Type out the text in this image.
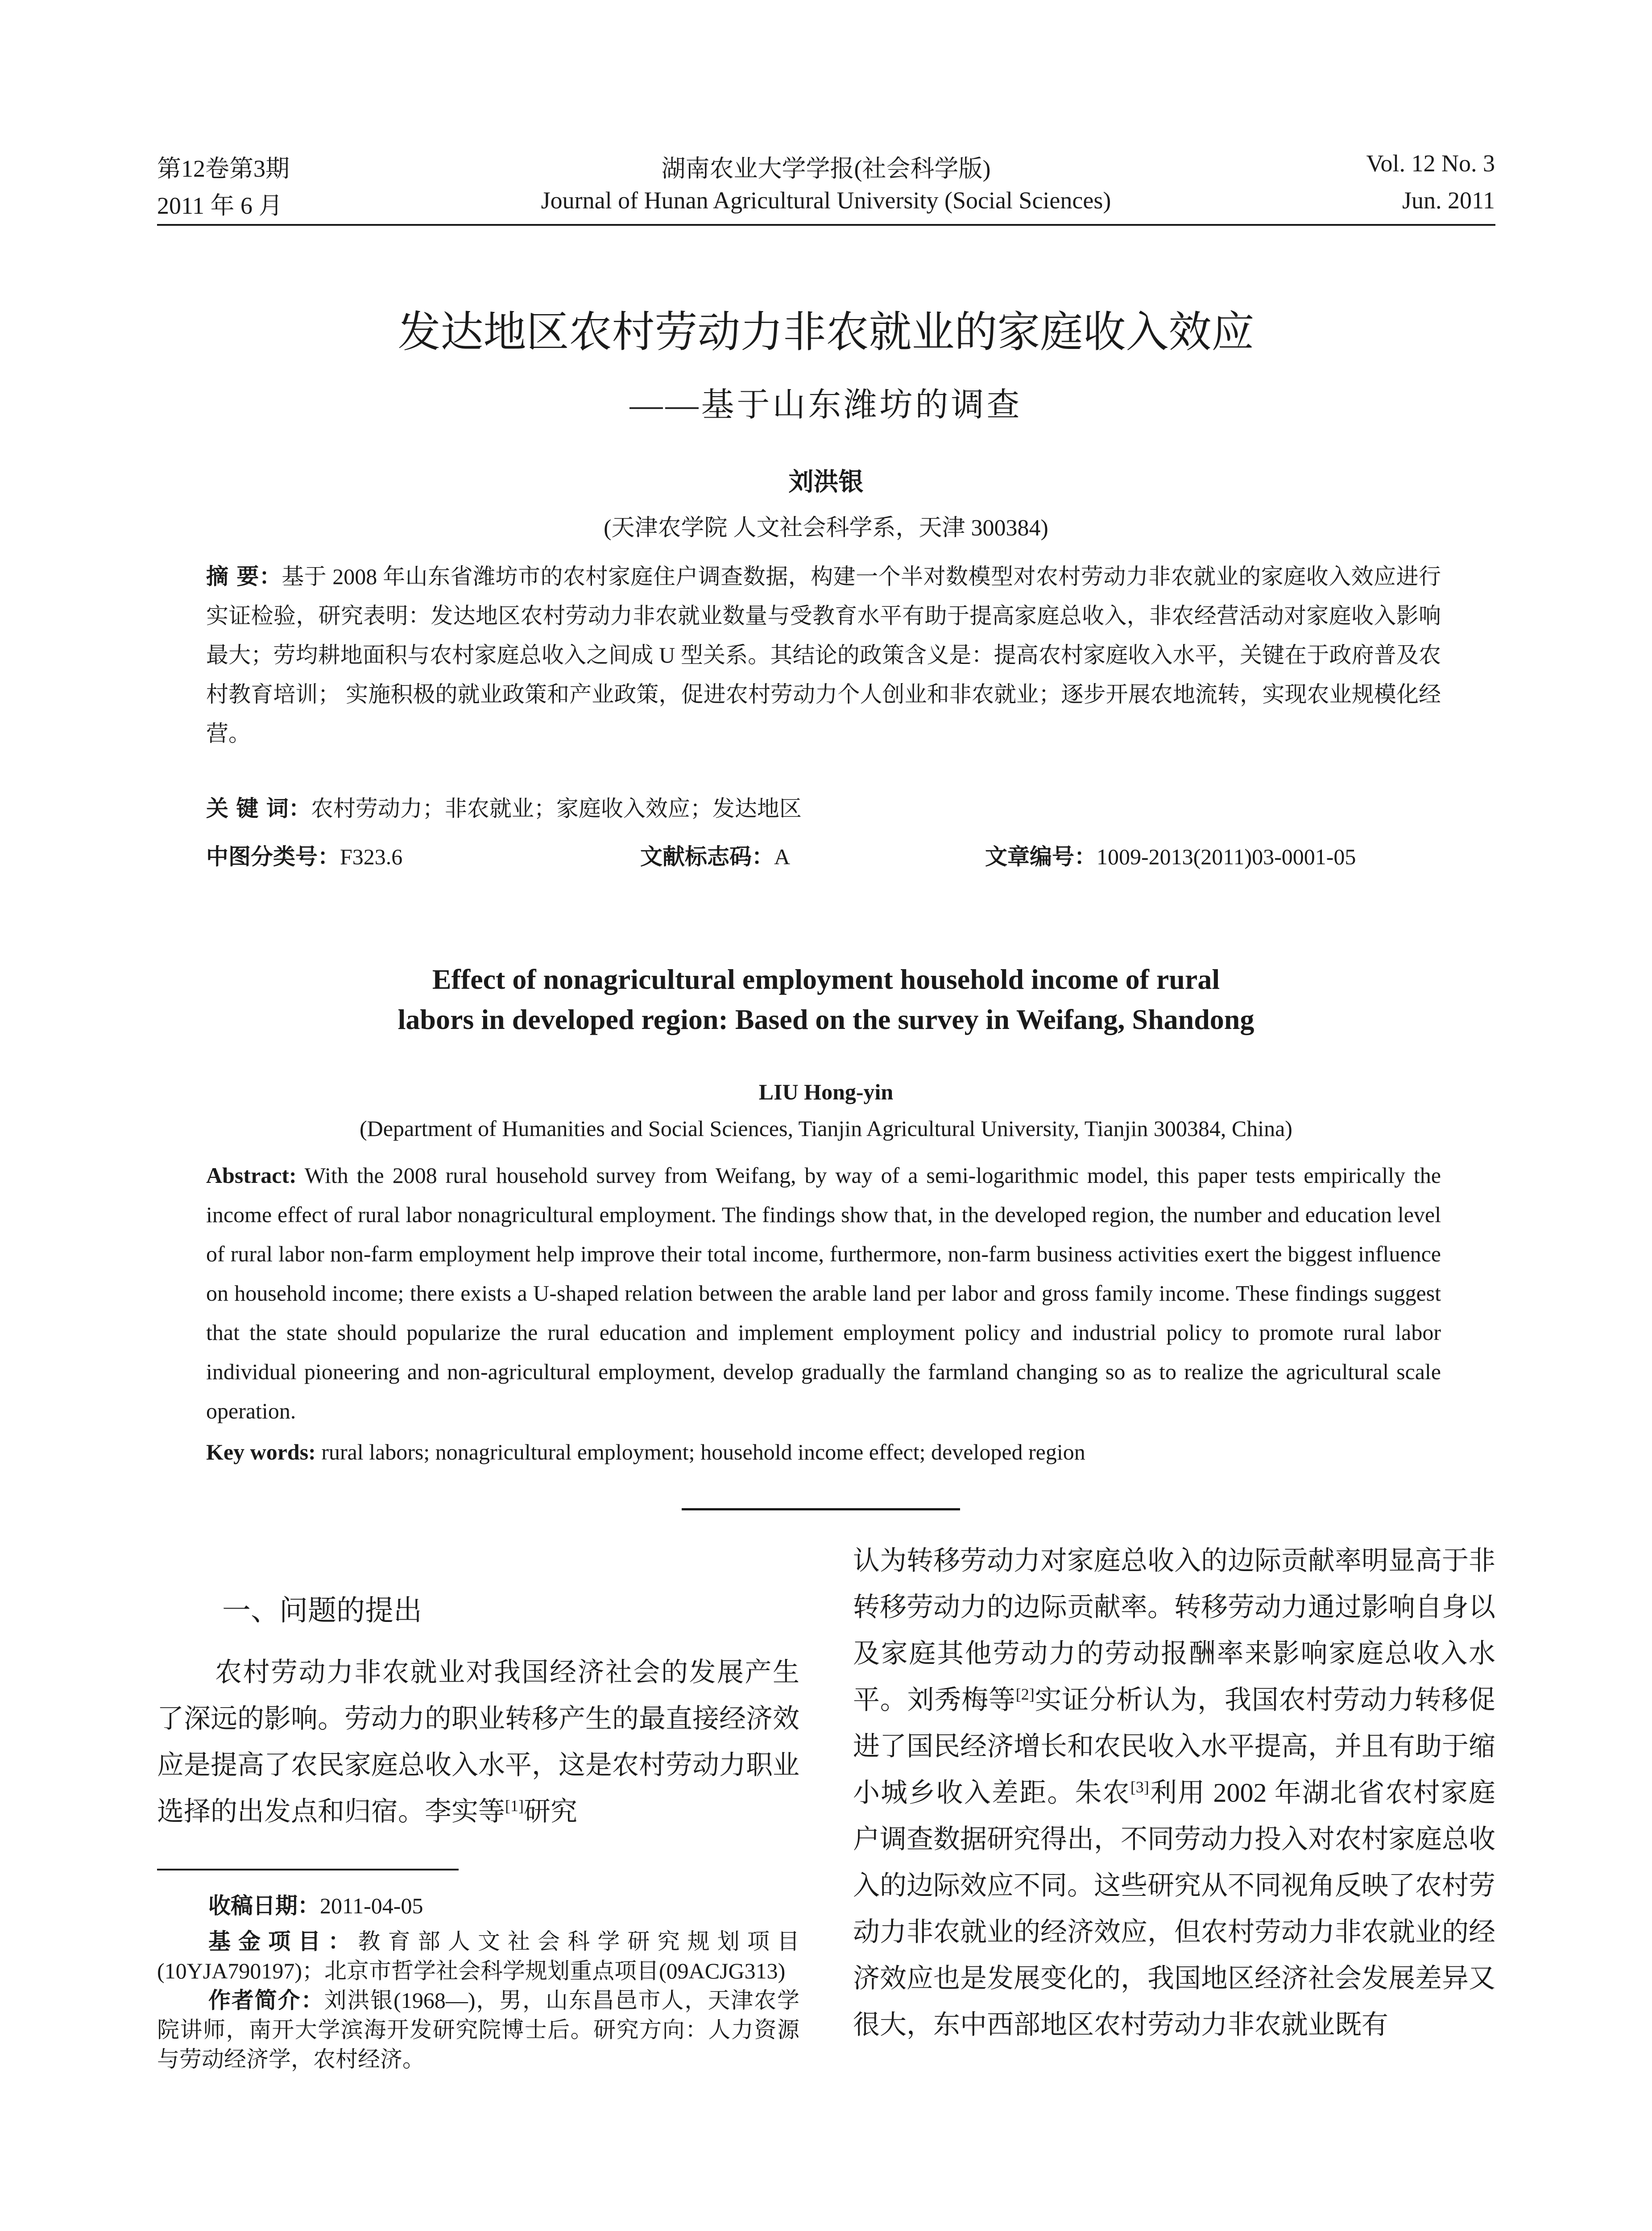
第12卷第3期
2011 年 6 月
湖南农业大学学报(社会科学版)
Journal of Hunan Agricultural University (Social Sciences)
Vol. 12 No. 3
Jun. 2011
发达地区农村劳动力非农就业的家庭收入效应
——基于山东潍坊的调查
刘洪银
(天津农学院 人文社会科学系，天津 300384)
摘 要：基于 2008 年山东省潍坊市的农村家庭住户调查数据，构建一个半对数模型对农村劳动力非农就业的家庭收入效应进行实证检验，研究表明：发达地区农村劳动力非农就业数量与受教育水平有助于提高家庭总收入，非农经营活动对家庭收入影响最大；劳均耕地面积与农村家庭总收入之间成 U 型关系。其结论的政策含义是：提高农村家庭收入水平，关键在于政府普及农村教育培训； 实施积极的就业政策和产业政策，促进农村劳动力个人创业和非农就业；逐步开展农地流转，实现农业规模化经营。
关 键 词：农村劳动力；非农就业；家庭收入效应；发达地区
中图分类号：F323.6	文献标志码：A	文章编号：1009-2013(2011)03-0001-05
Effect of nonagricultural employment household income of rural
labors in developed region: Based on the survey in Weifang, Shandong
LIU Hong-yin
(Department of Humanities and Social Sciences, Tianjin Agricultural University, Tianjin 300384, China)
Abstract: With the 2008 rural household survey from Weifang, by way of a semi-logarithmic model, this paper tests empirically the income effect of rural labor nonagricultural employment. The findings show that, in the developed region, the number and education level of rural labor non-farm employment help improve their total income, furthermore, non-farm business activities exert the biggest influence on household income; there exists a U-shaped relation between the arable land per labor and gross family income. These findings suggest that the state should popularize the rural education and implement employment policy and industrial policy to promote rural labor individual pioneering and non-agricultural employment, develop gradually the farmland changing so as to realize the agricultural scale operation.
Key words: rural labors; nonagricultural employment; household income effect; developed region
一、问题的提出
农村劳动力非农就业对我国经济社会的发展产生了深远的影响。劳动力的职业转移产生的最直接经济效应是提高了农民家庭总收入水平，这是农村劳动力职业选择的出发点和归宿。李实等[1]研究
收稿日期：2011-04-05
基金项目：教育部人文社会科学研究规划项目(10YJA790197)；北京市哲学社会科学规划重点项目(09ACJG313)
作者简介：刘洪银(1968—)，男，山东昌邑市人，天津农学院讲师，南开大学滨海开发研究院博士后。研究方向：人力资源与劳动经济学，农村经济。
认为转移劳动力对家庭总收入的边际贡献率明显高于非转移劳动力的边际贡献率。转移劳动力通过影响自身以及家庭其他劳动力的劳动报酬率来影响家庭总收入水平。刘秀梅等[2]实证分析认为，我国农村劳动力转移促进了国民经济增长和农民收入水平提高，并且有助于缩小城乡收入差距。朱农[3]利用 2002 年湖北省农村家庭户调查数据研究得出，不同劳动力投入对农村家庭总收入的边际效应不同。这些研究从不同视角反映了农村劳动力非农就业的经济效应，但农村劳动力非农就业的经济效应也是发展变化的，我国地区经济社会发展差异又很大，东中西部地区农村劳动力非农就业既有
